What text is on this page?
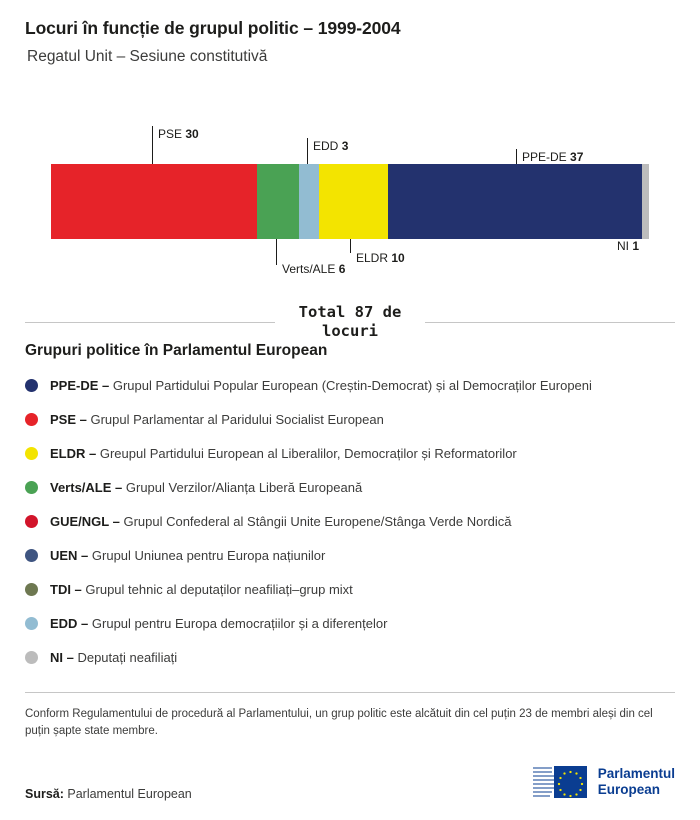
Locuri în funcție de grupul politic – 1999-2004
Regatul Unit – Sesiune constitutivă
PSE 30
EDD 3
PPE-DE 37
Verts/ALE 6
ELDR 10
NI 1
Total 87 de locuri
Grupuri politice în Parlamentul European
PPE-DE – Grupul Partidului Popular European (Creștin-Democrat) și al Democraților Europeni
PSE – Grupul Parlamentar al Paridului Socialist European
ELDR – Greupul Partidului European al Liberalilor, Democraților și Reformatorilor
Verts/ALE – Grupul Verzilor/Alianța Liberă Europeană
GUE/NGL – Grupul Confederal al Stângii Unite Europene/Stânga Verde Nordică
UEN – Grupul Uniunea pentru Europa națiunilor
TDI – Grupul tehnic al deputaților neafiliați–grup mixt
EDD – Grupul pentru Europa democrațiilor și a diferențelor
NI – Deputați neafiliați
Conform Regulamentului de procedură al Parlamentului, un grup politic este alcătuit din cel puțin 23 de membri aleși din cel puțin șapte state membre.
Sursă: Parlamentul European
Parlamentul
European
